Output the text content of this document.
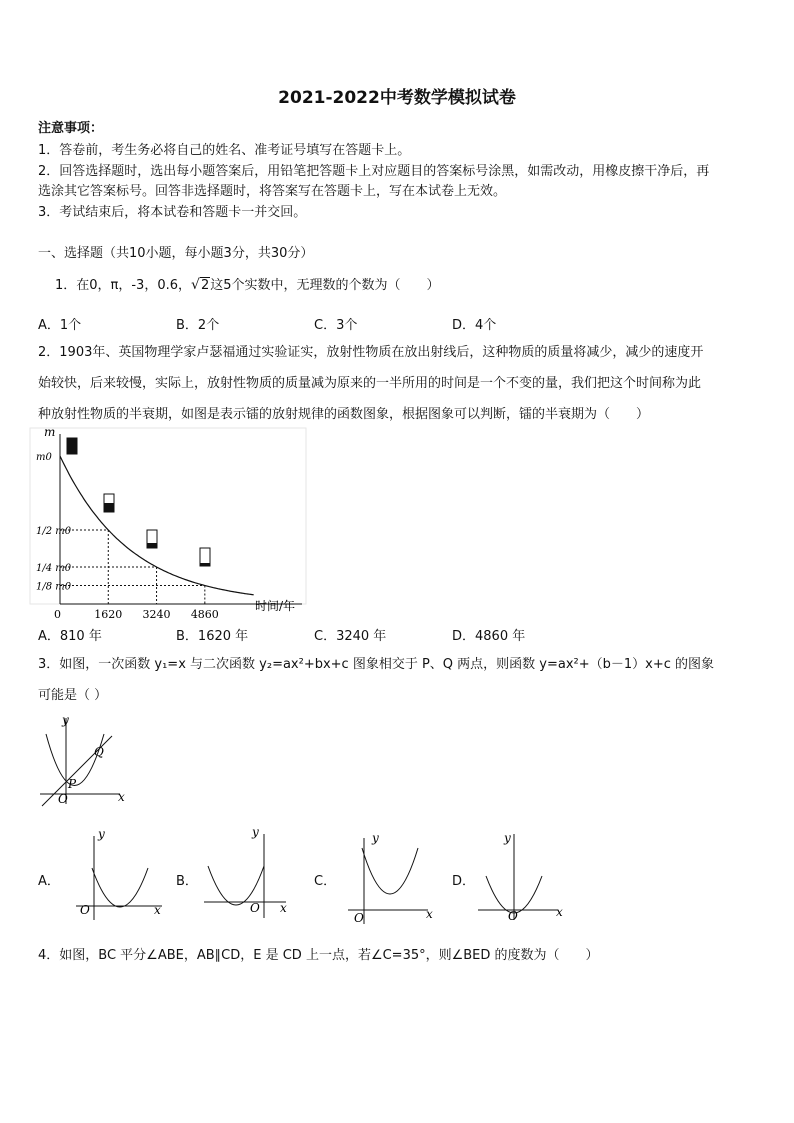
2021-2022中考数学模拟试卷
注意事项：
1．答卷前，考生务必将自己的姓名、准考证号填写在答题卡上。
2．回答选择题时，选出每小题答案后，用铅笔把答题卡上对应题目的答案标号涂黑，如需改动，用橡皮擦干净后，再
选涂其它答案标号。回答非选择题时，将答案写在答题卡上，写在本试卷上无效。
3．考试结束后，将本试卷和答题卡一并交回。
一、选择题（共10小题，每小题3分，共30分）
1．在0，π，-3，0.6，√2这5个实数中，无理数的个数为（　　）
A．1个	B．2个	C．3个	D．4个
2．1903年、英国物理学家卢瑟福通过实验证实，放射性物质在放出射线后，这种物质的质量将减少，减少的速度开
始较快，后来较慢，实际上，放射性物质的质量减为原来的一半所用的时间是一个不变的量，我们把这个时间称为此
种放射性物质的半衰期，如图是表示镭的放射规律的函数图象，根据图象可以判断，镭的半衰期为（　　）
m
时间/年
0	1620 3240 4860
m0
1/2 m0
1/4 m0
1/8 m0
A．810 年	B．1620 年	C．3240 年	D．4860 年
3．如图，一次函数 y₁=x 与二次函数 y₂=ax²+bx+c 图象相交于 P、Q 两点，则函数 y=ax²+（b－1）x+c 的图象
可能是（ ）
y
x
O
P
Q
A．
y
x
O
B．
y
x
O
C．
y
x
O
D．
y
x
O
4．如图，BC 平分∠ABE，AB∥CD，E 是 CD 上一点，若∠C=35°，则∠BED 的度数为（　　）
